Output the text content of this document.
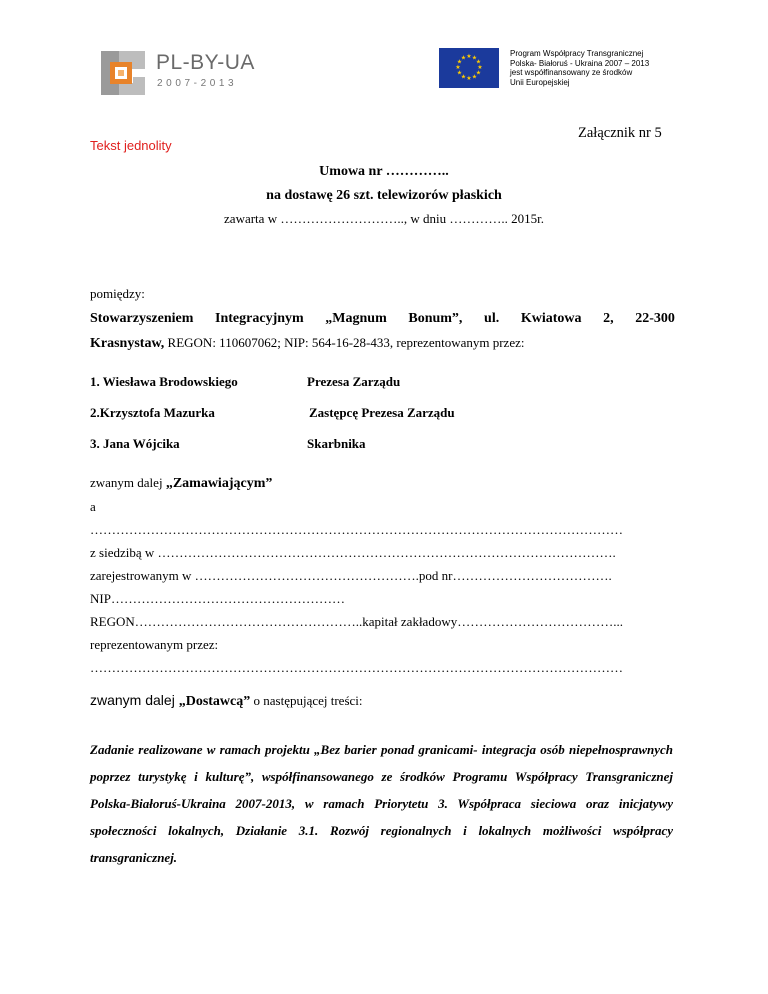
PL-BY-UA
2007-2013
★ ★
★
★
★
★
★
★
★
★
★
★	Program Współpracy Transgranicznej
Polska- Białoruś - Ukraina 2007 – 2013
jest współfinansowany ze środków
Unii Europejskiej
Załącznik nr 5
Tekst jednolity
Umowa nr …………..
na dostawę 26 szt. telewizorów płaskich
zawarta w ……………………….., w dniu ………….. 2015r.
pomiędzy:
Stowarzyszeniem Integracyjnym „Magnum Bonum”, ul. Kwiatowa 2, 22-300
Krasnystaw, REGON: 110607062; NIP: 564-16-28-433, reprezentowanym przez:
1. Wiesława Brodowskiego	Prezesa Zarządu
2.Krzysztofa Mazurka	Zastępcę Prezesa Zarządu
3. Jana Wójcika	Skarbnika
zwanym dalej „Zamawiającym”
a
……………………………………………………………………………………………………………
z siedzibą w …………………………………………………………………………………………….
zarejestrowanym w …………………………………………….pod nr……………………………….
NIP………………………………………………
REGON……………………………………………..kapitał zakładowy………………………………...
reprezentowanym przez:
……………………………………………………………………………………………………………
zwanym dalej „Dostawcą” o następującej treści:
Zadanie realizowane w ramach projektu „Bez barier ponad granicami- integracja osób niepełnosprawnych poprzez turystykę i kulturę”, współfinansowanego ze środków Programu Współpracy Transgranicznej Polska-Białoruś-Ukraina 2007-2013, w ramach Priorytetu 3. Współpraca sieciowa oraz inicjatywy społeczności lokalnych, Działanie 3.1. Rozwój regionalnych i lokalnych możliwości współpracy transgranicznej.
